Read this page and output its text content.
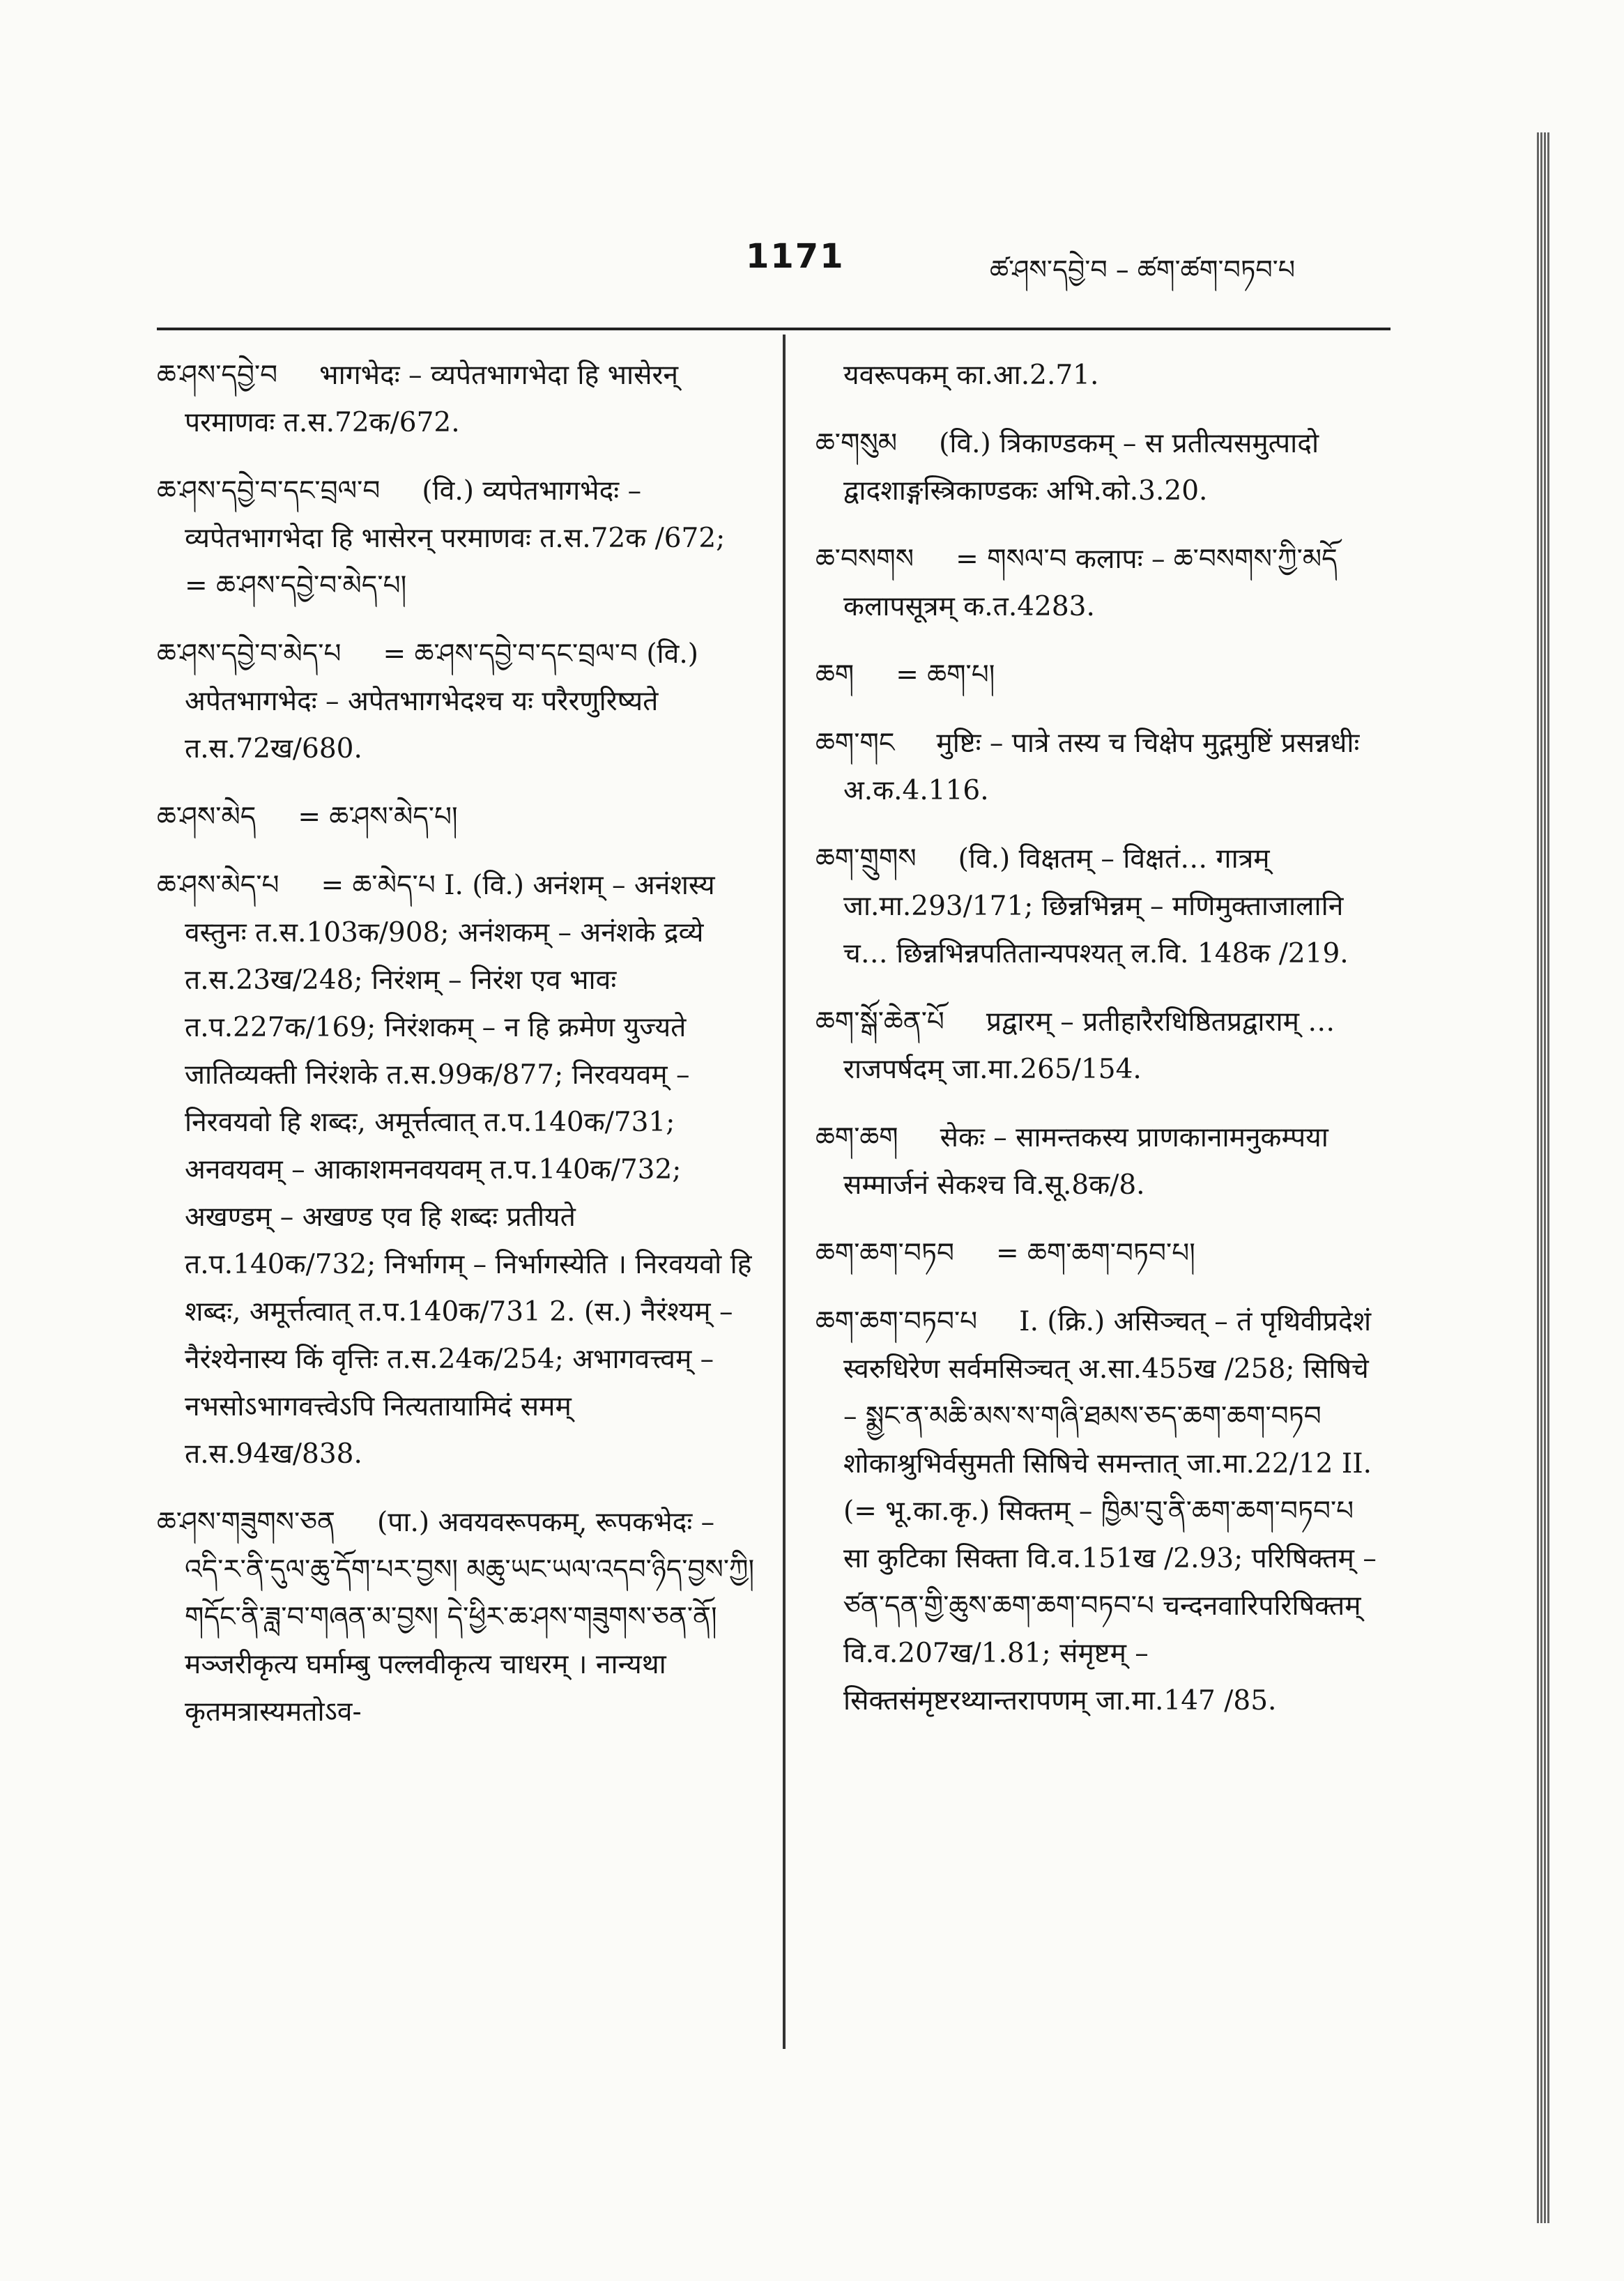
1171	ཚ་ཤས་དབྱེ་བ – ཚག་ཚག་བཏབ་པ
ཆ་ཤས་དབྱེ་བ भागभेदः – व्यपेतभागभेदा हि भासेरन् परमाणवः त.स.72क/672.
ཆ་ཤས་དབྱེ་བ་དང་བྲལ་བ (वि.) व्यपेतभागभेदः – व्यपेतभागभेदा हि भासेरन् परमाणवः त.स.72क /672; = ཆ་ཤས་དབྱེ་བ་མེད་པ།
ཆ་ཤས་དབྱེ་བ་མེད་པ = ཆ་ཤས་དབྱེ་བ་དང་བྲལ་བ (वि.) अपेतभागभेदः – अपेतभागभेदश्च यः परैरणुरिष्यते त.स.72ख/680.
ཆ་ཤས་མེད = ཆ་ཤས་མེད་པ།
ཆ་ཤས་མེད་པ = ཆ་མེད་པ I. (वि.) अनंशम् – अनंशस्य वस्तुनः त.स.103क/908; अनंशकम् – अनंशके द्रव्ये त.स.23ख/248; निरंशम् – निरंश एव भावः त.प.227क/169; निरंशकम् – न हि क्रमेण युज्यते जातिव्यक्ती निरंशके त.स.99क/877; निरवयवम् – निरवयवो हि शब्दः, अमूर्त्तत्वात् त.प.140क/731; अनवयवम् – आकाशमनवयवम् त.प.140क/732; अखण्डम् – अखण्ड एव हि शब्दः प्रतीयते त.प.140क/732; निर्भागम् – निर्भागस्येति । निरवयवो हि शब्दः, अमूर्त्तत्वात् त.प.140क/731 2. (स.) नैरंश्यम् – नैरंश्येनास्य किं वृत्तिः त.स.24क/254; अभागवत्त्वम् – नभसोऽभागवत्त्वेऽपि नित्यतायामिदं समम् त.स.94ख/838.
ཆ་ཤས་གཟུགས་ཅན (पा.) अवयवरूपकम्, रूपकभेदः – འདི་ར་ནི་དུལ་ཆུ་དོག་པར་བྱས། མཆུ་ཡང་ཡལ་འདབ་ཉིད་བྱས་ཀྱི། གདོང་ནི་ཟླ་བ་གཞན་མ་བྱས། དེ་ཕྱིར་ཆ་ཤས་གཟུགས་ཅན་ནོ། मञ्जरीकृत्य घर्माम्बु पल्लवीकृत्य चाधरम् । नान्यथा कृतमत्रास्यमतोऽव-
यवरूपकम् का.आ.2.71.
ཆ་གསུམ (वि.) त्रिकाण्डकम् – स प्रतीत्यसमुत्पादो द्वादशाङ्गस्त्रिकाण्डकः अभि.को.3.20.
ཆ་བསགས = གསལ་བ कलापः – ཆ་བསགས་ཀྱི་མདོ कलापसूत्रम् क.त.4283.
ཆག = ཆག་པ།
ཆག་གང मुष्टिः – पात्रे तस्य च चिक्षेप मुद्गमुष्टिं प्रसन्नधीः अ.क.4.116.
ཆག་གྲུགས (वि.) विक्षतम् – विक्षतं… गात्रम् जा.मा.293/171; छिन्नभिन्नम् – मणिमुक्ताजालानि च… छिन्नभिन्नपतितान्यपश्यत् ल.वि. 148क /219.
ཆག་སྒོ་ཆེན་པོ प्रद्वारम् – प्रतीहारैरधिष्ठितप्रद्वाराम् … राजपर्षदम् जा.मा.265/154.
ཆག་ཆག सेकः – सामन्तकस्य प्राणकानामनुकम्पया सम्मार्जनं सेकश्च वि.सू.8क/8.
ཆག་ཆག་བཏབ = ཆག་ཆག་བཏབ་པ།
ཆག་ཆག་བཏབ་པ I. (क्रि.) असिञ्चत् – तं पृथिवीप्रदेशं स्वरुधिरेण सर्वमसिञ्चत् अ.सा.455ख /258; सिषिचे – སྨྱང་ན་མཆི་མས་ས་གཞི་ཐམས་ཅད་ཆག་ཆག་བཏབ शोकाश्रुभिर्वसुमती सिषिचे समन्तात् जा.मा.22/12 II. (= भू.का.कृ.) सिक्तम् – ཁྱིམ་བུ་ནི་ཆག་ཆག་བཏབ་པ सा कुटिका सिक्ता वि.व.151ख /2.93; परिषिक्तम् – ཙན་དན་གྱི་ཆུས་ཆག་ཆག་བཏབ་པ चन्दनवारिपरिषिक्तम् वि.व.207ख/1.81; संमृष्टम् – सिक्तसंमृष्टरथ्यान्तरापणम् जा.मा.147 /85.
